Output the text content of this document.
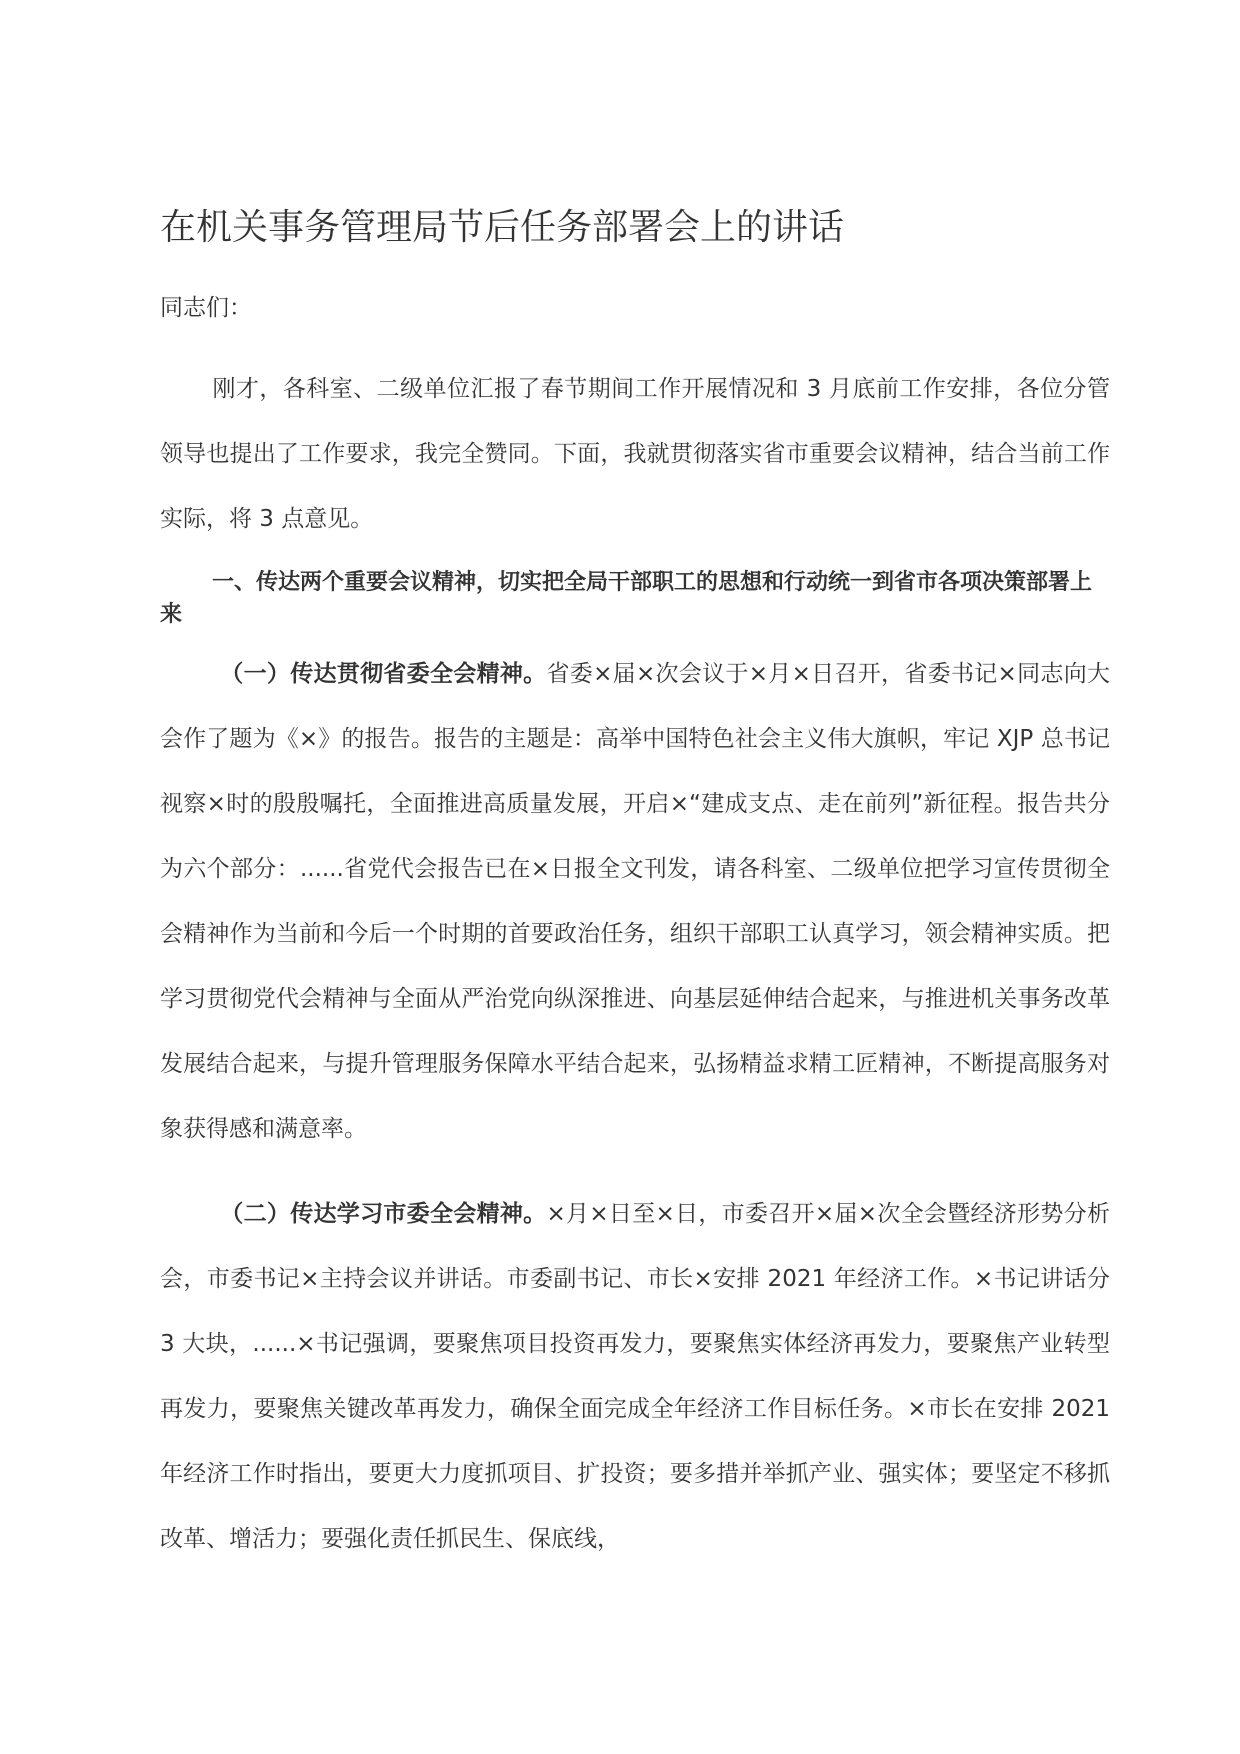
在机关事务管理局节后任务部署会上的讲话
同志们：

刚才，各科室、二级单位汇报了春节期间工作开展情况和 3 月底前工作安排，各位分管领导也提出了工作要求，我完全赞同。下面，我就贯彻落实省市重要会议精神，结合当前工作实际，将 3 点意见。

一、传达两个重要会议精神，切实把全局干部职工的思想和行动统一到省市各项决策部署上来

（一）传达贯彻省委全会精神。省委×届×次会议于×月×日召开，省委书记×同志向大会作了题为《×》的报告。报告的主题是：高举中国特色社会主义伟大旗帜，牢记 XJP 总书记视察×时的殷殷嘱托，全面推进高质量发展，开启×“建成支点、走在前列”新征程。报告共分为六个部分：......省党代会报告已在×日报全文刊发，请各科室、二级单位把学习宣传贯彻全会精神作为当前和今后一个时期的首要政治任务，组织干部职工认真学习，领会精神实质。把学习贯彻党代会精神与全面从严治党向纵深推进、向基层延伸结合起来，与推进机关事务改革发展结合起来，与提升管理服务保障水平结合起来，弘扬精益求精工匠精神，不断提高服务对象获得感和满意率。

（二）传达学习市委全会精神。×月×日至×日，市委召开×届×次全会暨经济形势分析会，市委书记×主持会议并讲话。市委副书记、市长×安排 2021 年经济工作。×书记讲话分 3 大块，......×书记强调，要聚焦项目投资再发力，要聚焦实体经济再发力，要聚焦产业转型再发力，要聚焦关键改革再发力，确保全面完成全年经济工作目标任务。×市长在安排 2021 年经济工作时指出，要更大力度抓项目、扩投资；要多措并举抓产业、强实体；要坚定不移抓改革、增活力；要强化责任抓民生、保底线，
